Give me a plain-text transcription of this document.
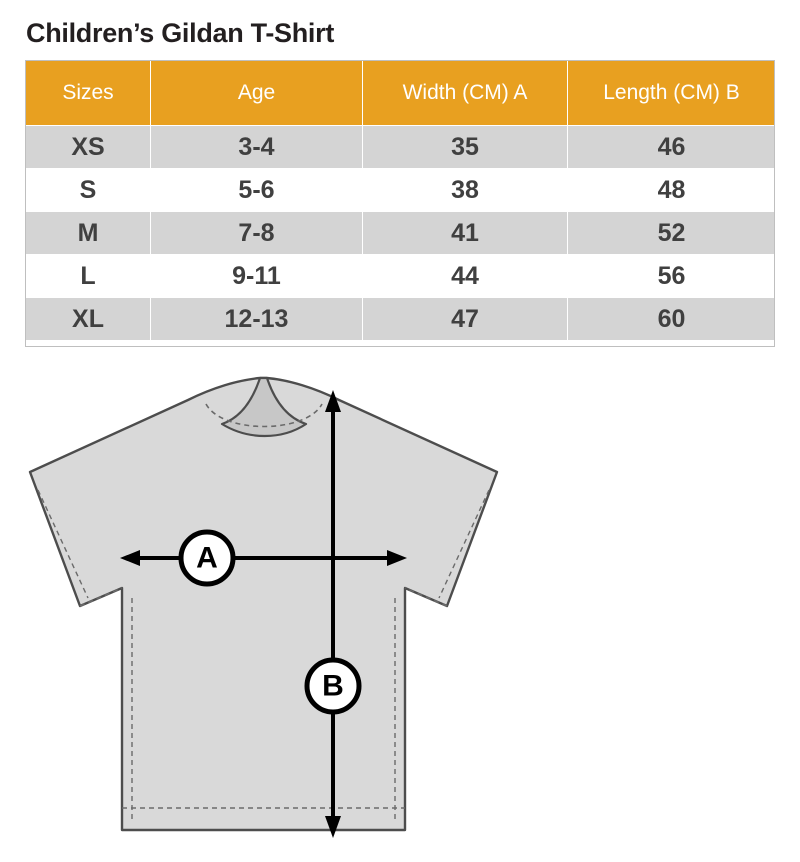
Children’s Gildan T-Shirt
Sizes	Age	Width (CM) A	Length (CM) B
XS	3-4	35	46
S	5-6	38	48
M	7-8	41	52
L	9-11	44	56
XL	12-13	47	60
A
B
